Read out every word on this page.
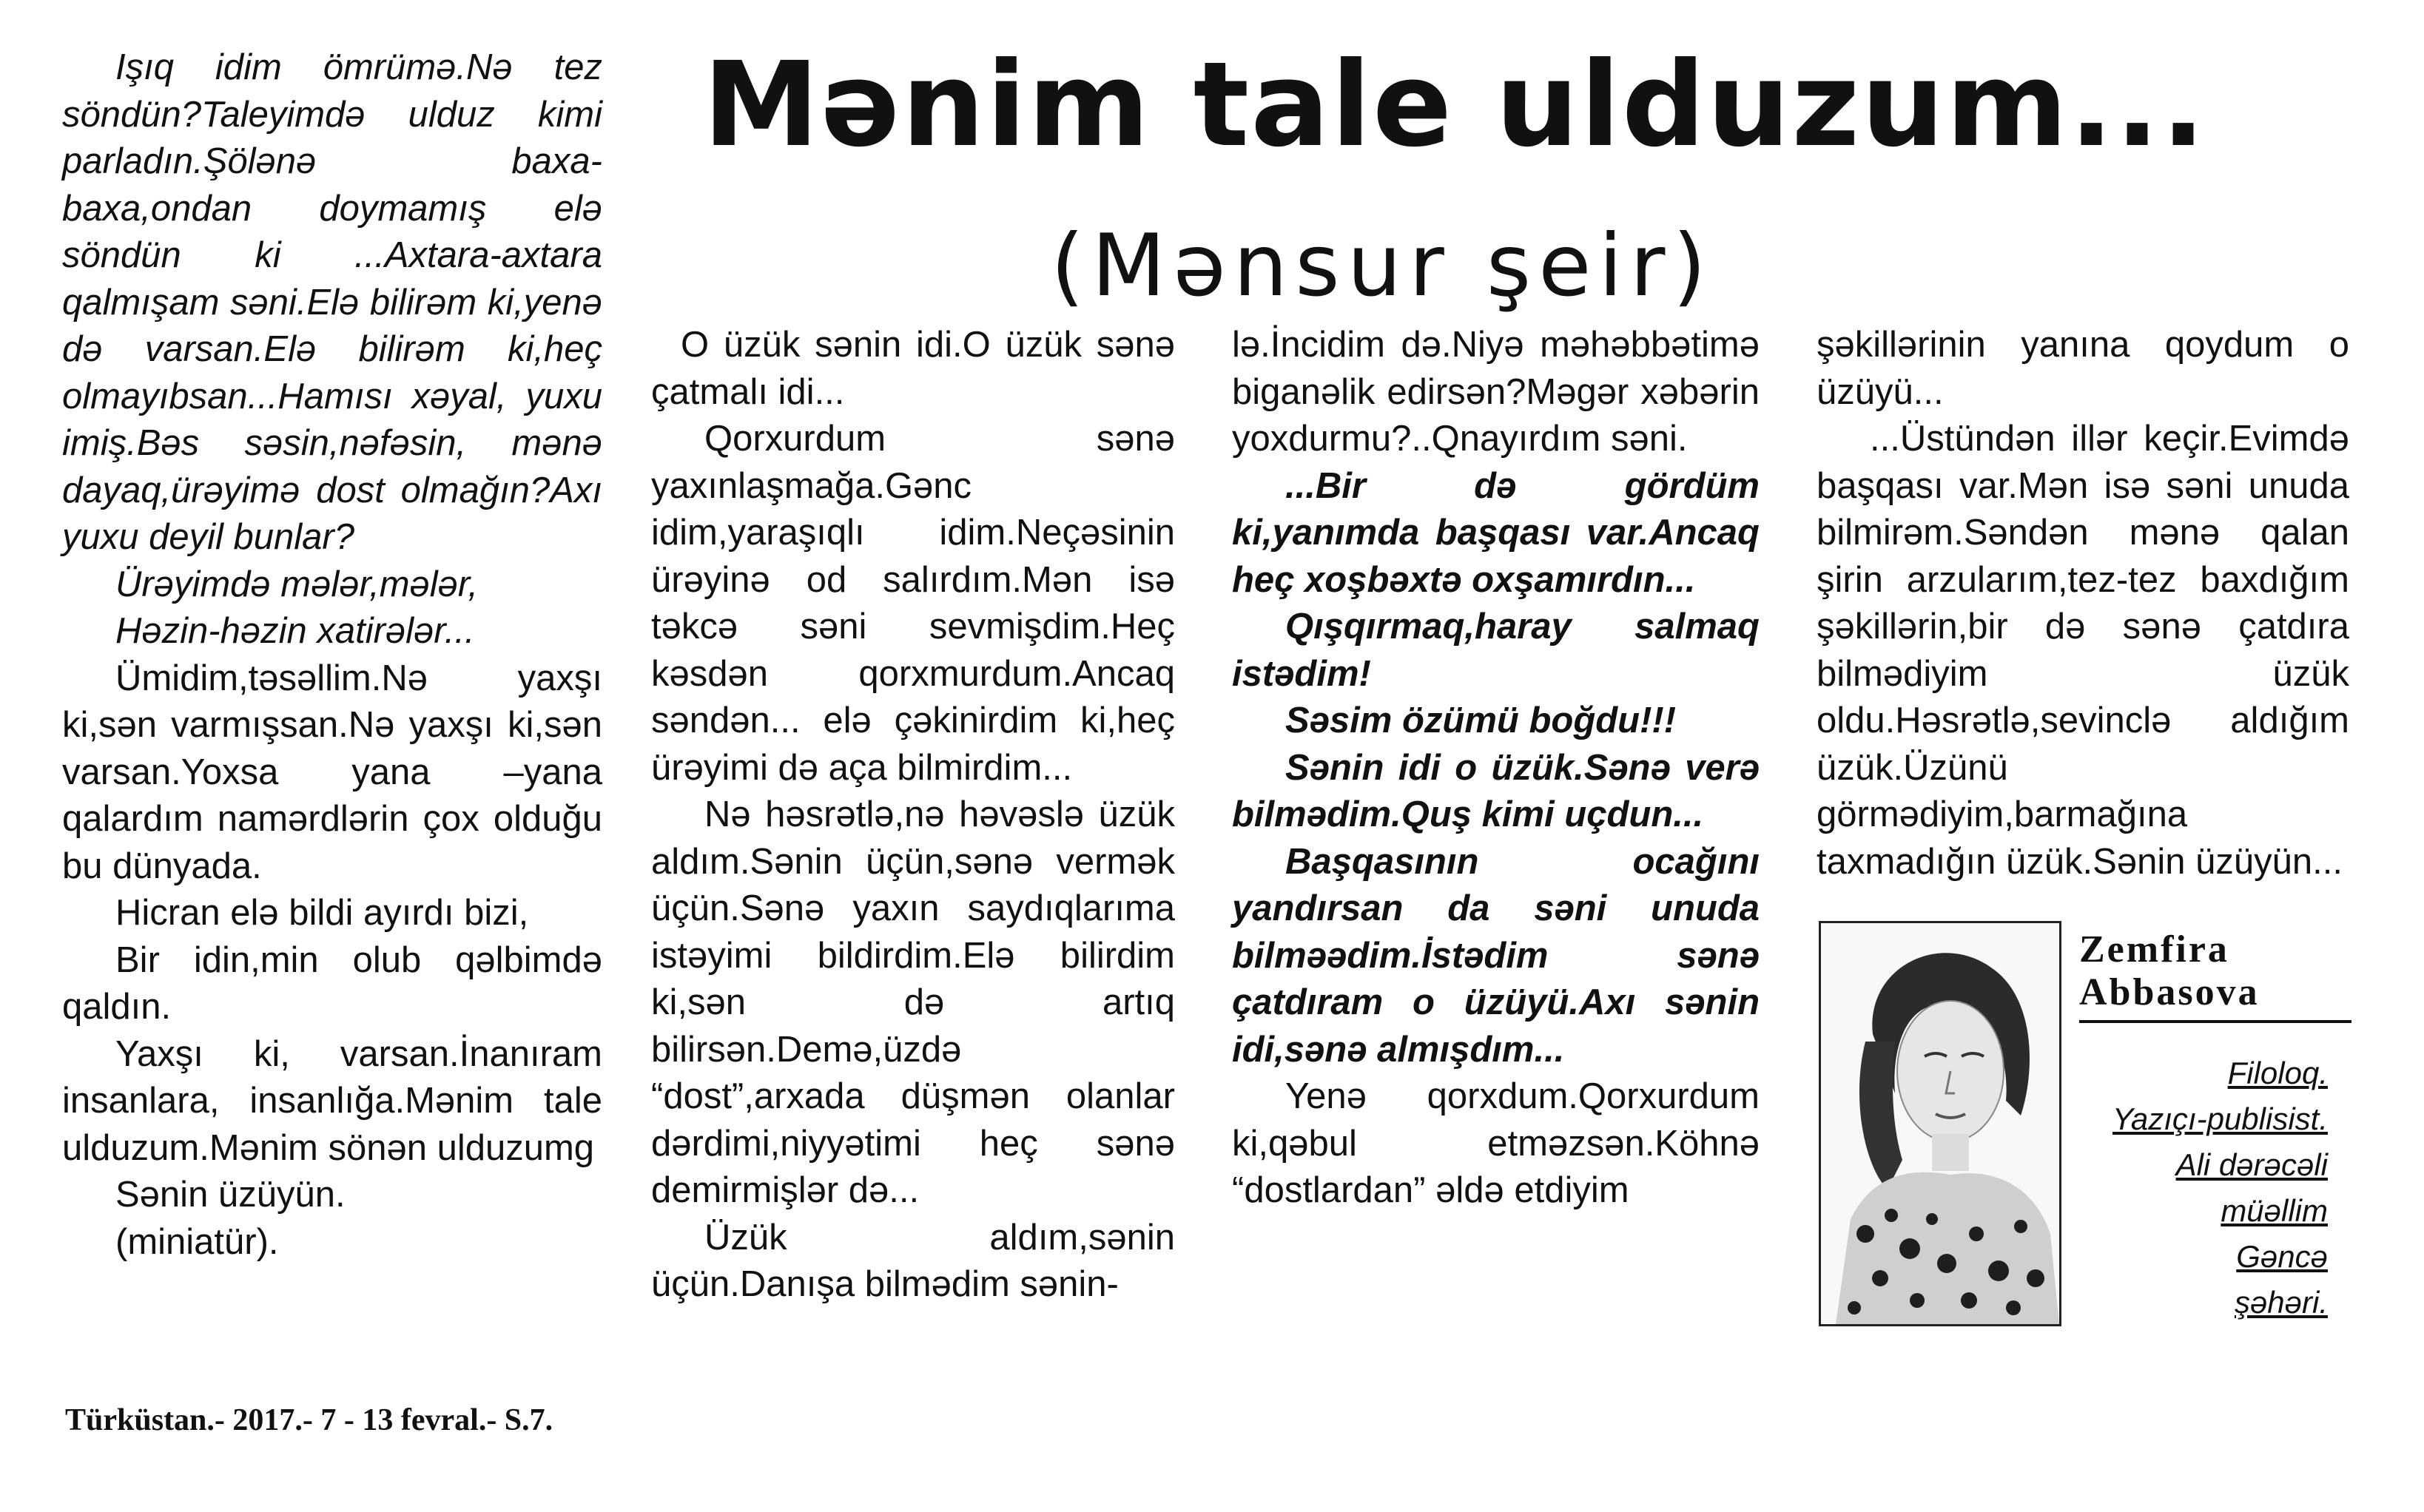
Mənim tale ulduzum...
(Mənsur şeir)

Işıq idim ömrümə.Nə tez söndün?Taleyimdə ulduz kimi parladın.Şölənə baxa-baxa,ondan doymamış elə söndün ki ...Axtara-axtara qalmışam səni.Elə bilirəm ki,yenə də varsan.Elə bilirəm ki,heç olmayıbsan...Hamısı xəyal, yuxu imiş.Bəs səsin,nəfəsin, mənə dayaq,ürəyimə dost olmağın?Axı yuxu deyil bunlar?

Ürəyimdə mələr,mələr,

Həzin-həzin xatirələr...

Ümidim,təsəllim.Nə yaxşı ki,sən varmışsan.Nə yaxşı ki,sən varsan.Yoxsa yana –yana qalardım namərdlərin çox olduğu bu dünyada.

Hicran elə bildi ayırdı bizi,

Bir idin,min olub qəlbimdə qaldın.

Yaxşı ki, varsan.İnanıram insanlara, insanlığa.Mənim tale ulduzum.Mənim sönən ulduzumg

Sənin üzüyün.

(miniatür).

O üzük sənin idi.O üzük sənə çatmalı idi...

Qorxurdum sənə yaxınlaşmağa.Gənc idim,yaraşıqlı idim.Neçəsinin ürəyinə od salırdım.Mən isə təkcə səni sevmişdim.Heç kəsdən qorxmurdum.Ancaq səndən... elə çəkinirdim ki,heç ürəyimi də aça bilmirdim...

Nə həsrətlə,nə həvəslə üzük aldım.Sənin üçün,sənə vermək üçün.Sənə yaxın saydıqlarıma istəyimi bildirdim.Elə bilirdim ki,sən də artıq bilirsən.Demə,üzdə “dost”,arxada düşmən olanlar dərdimi,niyyətimi heç sənə demirmişlər də...

Üzük aldım,sənin üçün.Danışa bilmədim sənin-

lə.İncidim də.Niyə məhəbbətimə biganəlik edirsən?Məgər xəbərin yoxdurmu?..Qnayırdım səni.

...Bir də gördüm ki,yanımda başqası var.Ancaq heç xoşbəxtə oxşamırdın...

Qışqırmaq,haray salmaq istədim!

Səsim özümü boğdu!!!

Sənin idi o üzük.Sənə verə bilmədim.Quş kimi uçdun...

Başqasının ocağını yandırsan da səni unuda bilməədim.İstədim sənə çatdıram o üzüyü.Axı sənin idi,sənə almışdım...

Yenə qorxdum.Qorxurdum ki,qəbul etməzsən.Köhnə “dostlardan” əldə etdiyim

şəkillərinin yanına qoydum o üzüyü...

...Üstündən illər keçir.Evimdə başqası var.Mən isə səni unuda bilmirəm.Səndən mənə qalan şirin arzularım,tez-tez baxdığım şəkillərin,bir də sənə çatdıra bilmədiyim üzük oldu.Həsrətlə,sevinclə aldığım üzük.Üzünü görmədiyim,barmağına taxmadığın üzük.Sənin üzüyün...

Zemfira
Abbasova
Filoloq.
Yazıçı-publisist.
Ali dərəcəli
müəllim
Gəncə
şəhəri.
Türküstan.- 2017.- 7 - 13 fevral.- S.7.
